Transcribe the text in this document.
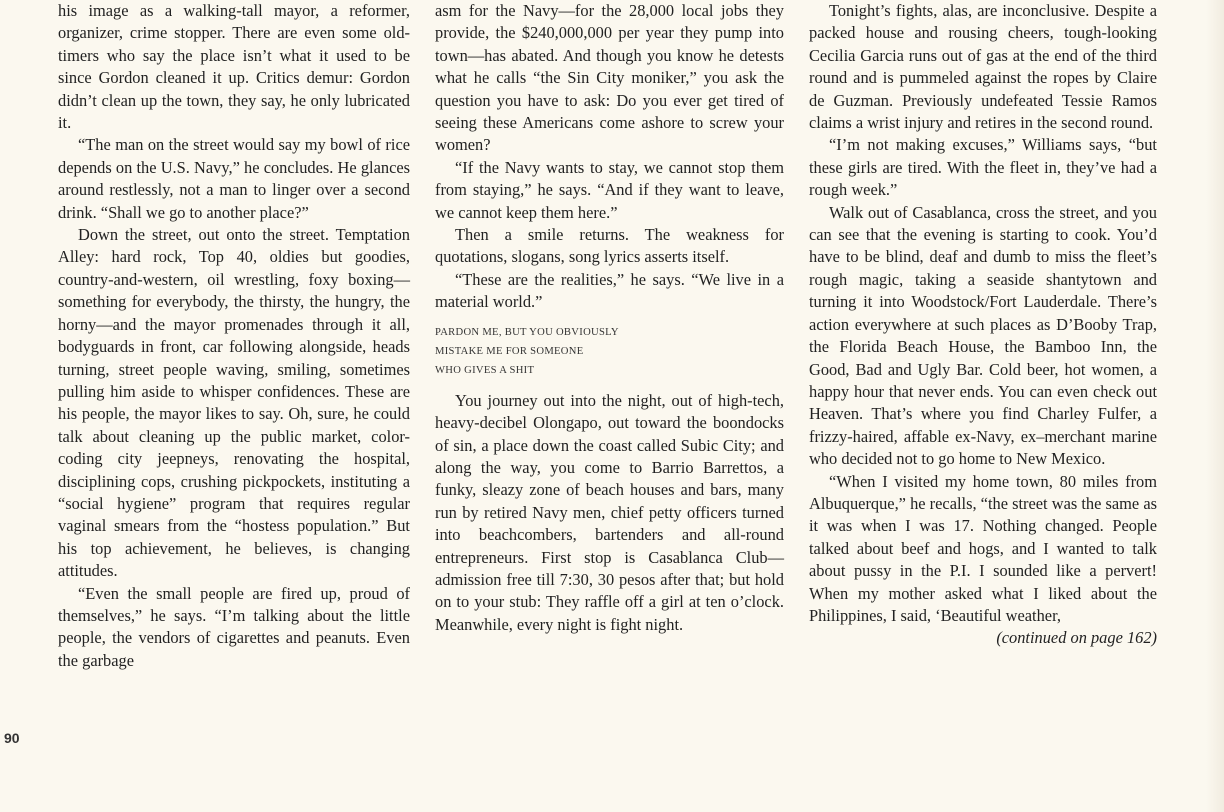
his image as a walking-tall mayor, a reformer, organizer, crime stopper. There are even some old-timers who say the place isn’t what it used to be since Gordon cleaned it up. Critics demur: Gordon didn’t clean up the town, they say, he only lubricated it.

“The man on the street would say my bowl of rice depends on the U.S. Navy,” he concludes. He glances around restlessly, not a man to linger over a second drink. “Shall we go to another place?”

Down the street, out onto the street. Temptation Alley: hard rock, Top 40, oldies but goodies, country-and-western, oil wrestling, foxy boxing—something for everybody, the thirsty, the hungry, the horny—and the mayor promenades through it all, bodyguards in front, car following alongside, heads turning, street people waving, smiling, sometimes pulling him aside to whisper confidences. These are his people, the mayor likes to say. Oh, sure, he could talk about cleaning up the public market, color-coding city jeepneys, renovating the hospital, disciplining cops, crushing pickpockets, instituting a “social hygiene” program that requires regular vaginal smears from the “hostess population.” But his top achievement, he believes, is changing attitudes.

“Even the small people are fired up, proud of themselves,” he says. “I’m talking about the little people, the vendors of cigarettes and peanuts. Even the garbage

asm for the Navy—for the 28,000 local jobs they provide, the $240,000,000 per year they pump into town—has abated. And though you know he detests what he calls “the Sin City moniker,” you ask the question you have to ask: Do you ever get tired of seeing these Americans come ashore to screw your women?

“If the Navy wants to stay, we cannot stop them from staying,” he says. “And if they want to leave, we cannot keep them here.”

Then a smile returns. The weakness for quotations, slogans, song lyrics asserts itself.

“These are the realities,” he says. “We live in a material world.”

PARDON ME, BUT YOU OBVIOUSLY
MISTAKE ME FOR SOMEONE
WHO GIVES A SHIT

You journey out into the night, out of high-tech, heavy-decibel Olongapo, out toward the boondocks of sin, a place down the coast called Subic City; and along the way, you come to Barrio Barrettos, a funky, sleazy zone of beach houses and bars, many run by retired Navy men, chief petty officers turned into beachcombers, bartenders and all-round entrepreneurs. First stop is Casablanca Club—admission free till 7:30, 30 pesos after that; but hold on to your stub: They raffle off a girl at ten o’clock. Meanwhile, every night is fight night.

Tonight’s fights, alas, are inconclusive. Despite a packed house and rousing cheers, tough-looking Cecilia Garcia runs out of gas at the end of the third round and is pummeled against the ropes by Claire de Guzman. Previously undefeated Tessie Ramos claims a wrist injury and retires in the second round.

“I’m not making excuses,” Williams says, “but these girls are tired. With the fleet in, they’ve had a rough week.”

Walk out of Casablanca, cross the street, and you can see that the evening is starting to cook. You’d have to be blind, deaf and dumb to miss the fleet’s rough magic, taking a seaside shantytown and turning it into Woodstock/Fort Lauderdale. There’s action everywhere at such places as D’Booby Trap, the Florida Beach House, the Bamboo Inn, the Good, Bad and Ugly Bar. Cold beer, hot women, a happy hour that never ends. You can even check out Heaven. That’s where you find Charley Fulfer, a frizzy-haired, affable ex-Navy, ex–merchant marine who decided not to go home to New Mexico.

“When I visited my home town, 80 miles from Albuquerque,” he recalls, “the street was the same as it was when I was 17. Nothing changed. People talked about beef and hogs, and I wanted to talk about pussy in the P.I. I sounded like a pervert! When my mother asked what I liked about the Philippines, I said, ‘Beautiful weather,

(continued on page 162)

90
